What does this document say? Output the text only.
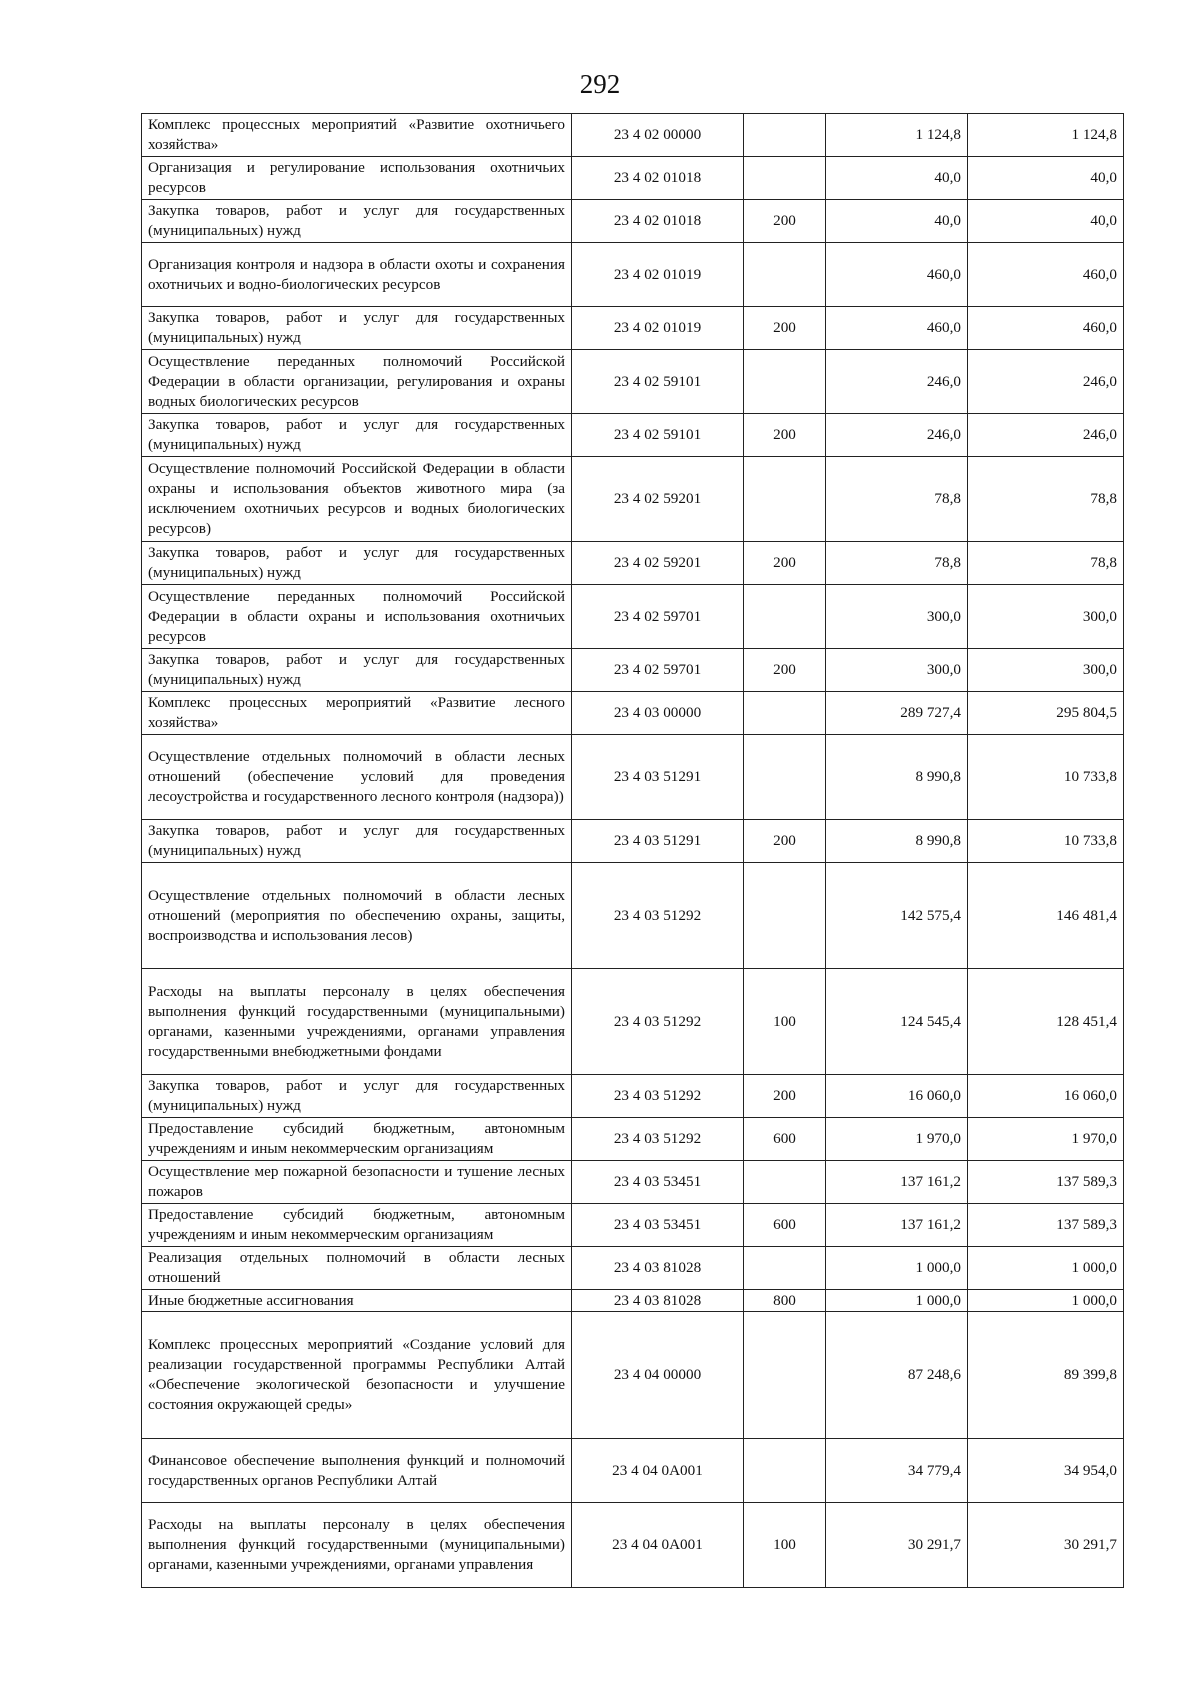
292
Комплекс процессных мероприятий «Развитие охотничьего хозяйства»	23 4 02 00000		1 124,8	1 124,8
Организация и регулирование использования охотничьих ресурсов	23 4 02 01018		40,0	40,0
Закупка товаров, работ и услуг для государственных (муниципальных) нужд	23 4 02 01018	200	40,0	40,0
Организация контроля и надзора в области охоты и сохранения охотничьих и водно-биологических ресурсов	23 4 02 01019		460,0	460,0
Закупка товаров, работ и услуг для государственных (муниципальных) нужд	23 4 02 01019	200	460,0	460,0
Осуществление переданных полномочий Российской Федерации в области организации, регулирования и охраны водных биологических ресурсов	23 4 02 59101		246,0	246,0
Закупка товаров, работ и услуг для государственных (муниципальных) нужд	23 4 02 59101	200	246,0	246,0
Осуществление полномочий Российской Федерации в области охраны и использования объектов животного мира (за исключением охотничьих ресурсов и водных биологических ресурсов)	23 4 02 59201		78,8	78,8
Закупка товаров, работ и услуг для государственных (муниципальных) нужд	23 4 02 59201	200	78,8	78,8
Осуществление переданных полномочий Российской Федерации в области охраны и использования охотничьих ресурсов	23 4 02 59701		300,0	300,0
Закупка товаров, работ и услуг для государственных (муниципальных) нужд	23 4 02 59701	200	300,0	300,0
Комплекс процессных мероприятий «Развитие лесного хозяйства»	23 4 03 00000		289 727,4	295 804,5
Осуществление отдельных полномочий в области лесных отношений (обеспечение условий для проведения лесоустройства и государственного лесного контроля (надзора))	23 4 03 51291		8 990,8	10 733,8
Закупка товаров, работ и услуг для государственных (муниципальных) нужд	23 4 03 51291	200	8 990,8	10 733,8
Осуществление отдельных полномочий в области лесных отношений (мероприятия по обеспечению охраны, защиты, воспроизводства и использования лесов)	23 4 03 51292		142 575,4	146 481,4
Расходы на выплаты персоналу в целях обеспечения выполнения функций государственными (муниципальными) органами, казенными учреждениями, органами управления государственными внебюджетными фондами	23 4 03 51292	100	124 545,4	128 451,4
Закупка товаров, работ и услуг для государственных (муниципальных) нужд	23 4 03 51292	200	16 060,0	16 060,0
Предоставление субсидий бюджетным, автономным учреждениям и иным некоммерческим организациям	23 4 03 51292	600	1 970,0	1 970,0
Осуществление мер пожарной безопасности и тушение лесных пожаров	23 4 03 53451		137 161,2	137 589,3
Предоставление субсидий бюджетным, автономным учреждениям и иным некоммерческим организациям	23 4 03 53451	600	137 161,2	137 589,3
Реализация отдельных полномочий в области лесных отношений	23 4 03 81028		1 000,0	1 000,0
Иные бюджетные ассигнования	23 4 03 81028	800	1 000,0	1 000,0
Комплекс процессных мероприятий «Создание условий для реализации государственной программы Республики Алтай «Обеспечение экологической безопасности и улучшение состояния окружающей среды»	23 4 04 00000		87 248,6	89 399,8
Финансовое обеспечение выполнения функций и полномочий государственных органов Республики Алтай	23 4 04 0А001		34 779,4	34 954,0
Расходы на выплаты персоналу в целях обеспечения выполнения функций государственными (муниципальными) органами, казенными учреждениями, органами управления	23 4 04 0А001	100	30 291,7	30 291,7
